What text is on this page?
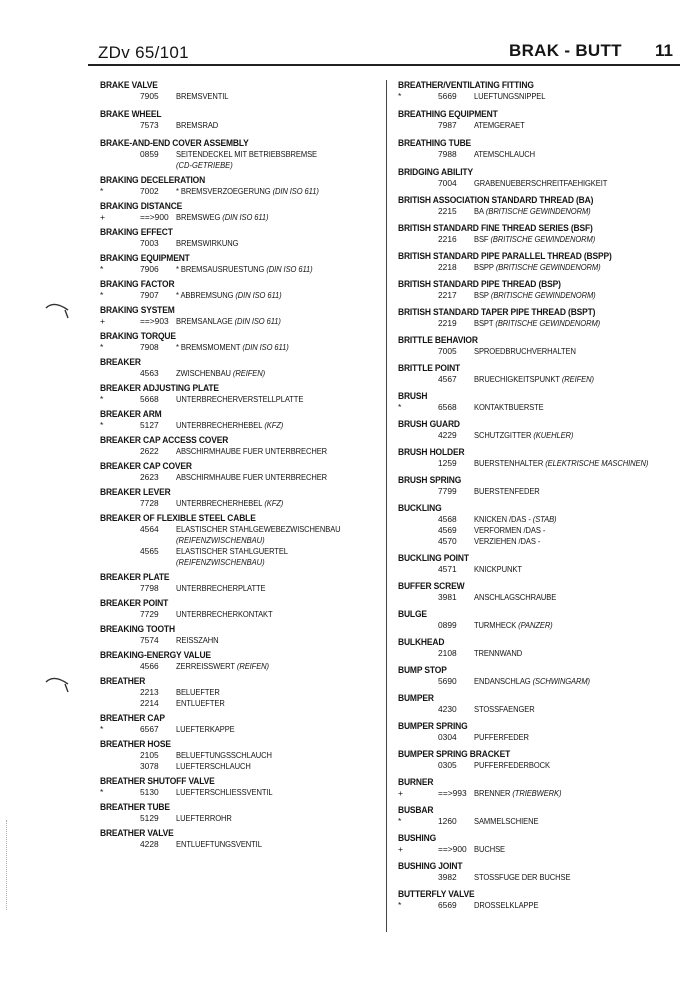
ZDv 65/101	BRAK - BUTT 11
BRAKE VALVE
7905	BREMSVENTIL
BRAKE WHEEL
7573	BREMSRAD
BRAKE-AND-END COVER ASSEMBLY
0859	SEITENDECKEL MIT BETRIEBSBREMSE
(CD-GETRIEBE)
BRAKING DECELERATION
*	7002	* BREMSVERZOEGERUNG (DIN ISO 611)
BRAKING DISTANCE
+	==>900 BREMSWEG (DIN ISO 611)
BRAKING EFFECT
7003	BREMSWIRKUNG
BRAKING EQUIPMENT
*	7906	* BREMSAUSRUESTUNG (DIN ISO 611)
BRAKING FACTOR
*	7907	* ABBREMSUNG (DIN ISO 611)
BRAKING SYSTEM
+	==>903 BREMSANLAGE (DIN ISO 611)
BRAKING TORQUE
*	7908	* BREMSMOMENT (DIN ISO 611)
BREAKER
4563	ZWISCHENBAU (REIFEN)
BREAKER ADJUSTING PLATE
*	5668	UNTERBRECHERVERSTELLPLATTE
BREAKER ARM
*	5127	UNTERBRECHERHEBEL (KFZ)
BREAKER CAP ACCESS COVER
2622	ABSCHIRMHAUBE FUER UNTERBRECHER
BREAKER CAP COVER
2623	ABSCHIRMHAUBE FUER UNTERBRECHER
BREAKER LEVER
7728	UNTERBRECHERHEBEL (KFZ)
BREAKER OF FLEXIBLE STEEL CABLE
4564	ELASTISCHER STAHLGEWEBEZWISCHENBAU
(REIFENZWISCHENBAU)
4565	ELASTISCHER STAHLGUERTEL
(REIFENZWISCHENBAU)
BREAKER PLATE
7798	UNTERBRECHERPLATTE
BREAKER POINT
7729	UNTERBRECHERKONTAKT
BREAKING TOOTH
7574	REISSZAHN
BREAKING-ENERGY VALUE
4566	ZERREISSWERT (REIFEN)
BREATHER
2213	BELUEFTER
2214	ENTLUEFTER
BREATHER CAP
*	6567	LUEFTERKAPPE
BREATHER HOSE
2105	BELUEFTUNGSSCHLAUCH
3078	LUEFTERSCHLAUCH
BREATHER SHUTOFF VALVE
*	5130	LUEFTERSCHLIESSVENTIL
BREATHER TUBE
5129	LUEFTERROHR
BREATHER VALVE
4228	ENTLUEFTUNGSVENTIL
BREATHER/VENTILATING FITTING
*	5669	LUEFTUNGSNIPPEL
BREATHING EQUIPMENT
7987	ATEMGERAET
BREATHING TUBE
7988	ATEMSCHLAUCH
BRIDGING ABILITY
7004	GRABENUEBERSCHREITFAEHIGKEIT
BRITISH ASSOCIATION STANDARD THREAD (BA)
2215	BA (BRITISCHE GEWINDENORM)
BRITISH STANDARD FINE THREAD SERIES (BSF)
2216	BSF (BRITISCHE GEWINDENORM)
BRITISH STANDARD PIPE PARALLEL THREAD (BSPP)
2218	BSPP (BRITISCHE GEWINDENORM)
BRITISH STANDARD PIPE THREAD (BSP)
2217	BSP (BRITISCHE GEWINDENORM)
BRITISH STANDARD TAPER PIPE THREAD (BSPT)
2219	BSPT (BRITISCHE GEWINDENORM)
BRITTLE BEHAVIOR
7005	SPROEDBRUCHVERHALTEN
BRITTLE POINT
4567	BRUECHIGKEITSPUNKT (REIFEN)
BRUSH
*	6568	KONTAKTBUERSTE
BRUSH GUARD
4229	SCHUTZGITTER (KUEHLER)
BRUSH HOLDER
1259	BUERSTENHALTER (ELEKTRISCHE MASCHINEN)
BRUSH SPRING
7799	BUERSTENFEDER
BUCKLING
4568	KNICKEN /DAS - (STAB)
4569	VERFORMEN /DAS -
4570	VERZIEHEN /DAS -
BUCKLING POINT
4571	KNICKPUNKT
BUFFER SCREW
3981	ANSCHLAGSCHRAUBE
BULGE
0899	TURMHECK (PANZER)
BULKHEAD
2108	TRENNWAND
BUMP STOP
5690	ENDANSCHLAG (SCHWINGARM)
BUMPER
4230	STOSSFAENGER
BUMPER SPRING
0304	PUFFERFEDER
BUMPER SPRING BRACKET
0305	PUFFERFEDERBOCK
BURNER
+	==>993 BRENNER (TRIEBWERK)
BUSBAR
*	1260	SAMMELSCHIENE
BUSHING
+	==>900 BUCHSE
BUSHING JOINT
3982	STOSSFUGE DER BUCHSE
BUTTERFLY VALVE
*	6569	DROSSELKLAPPE
